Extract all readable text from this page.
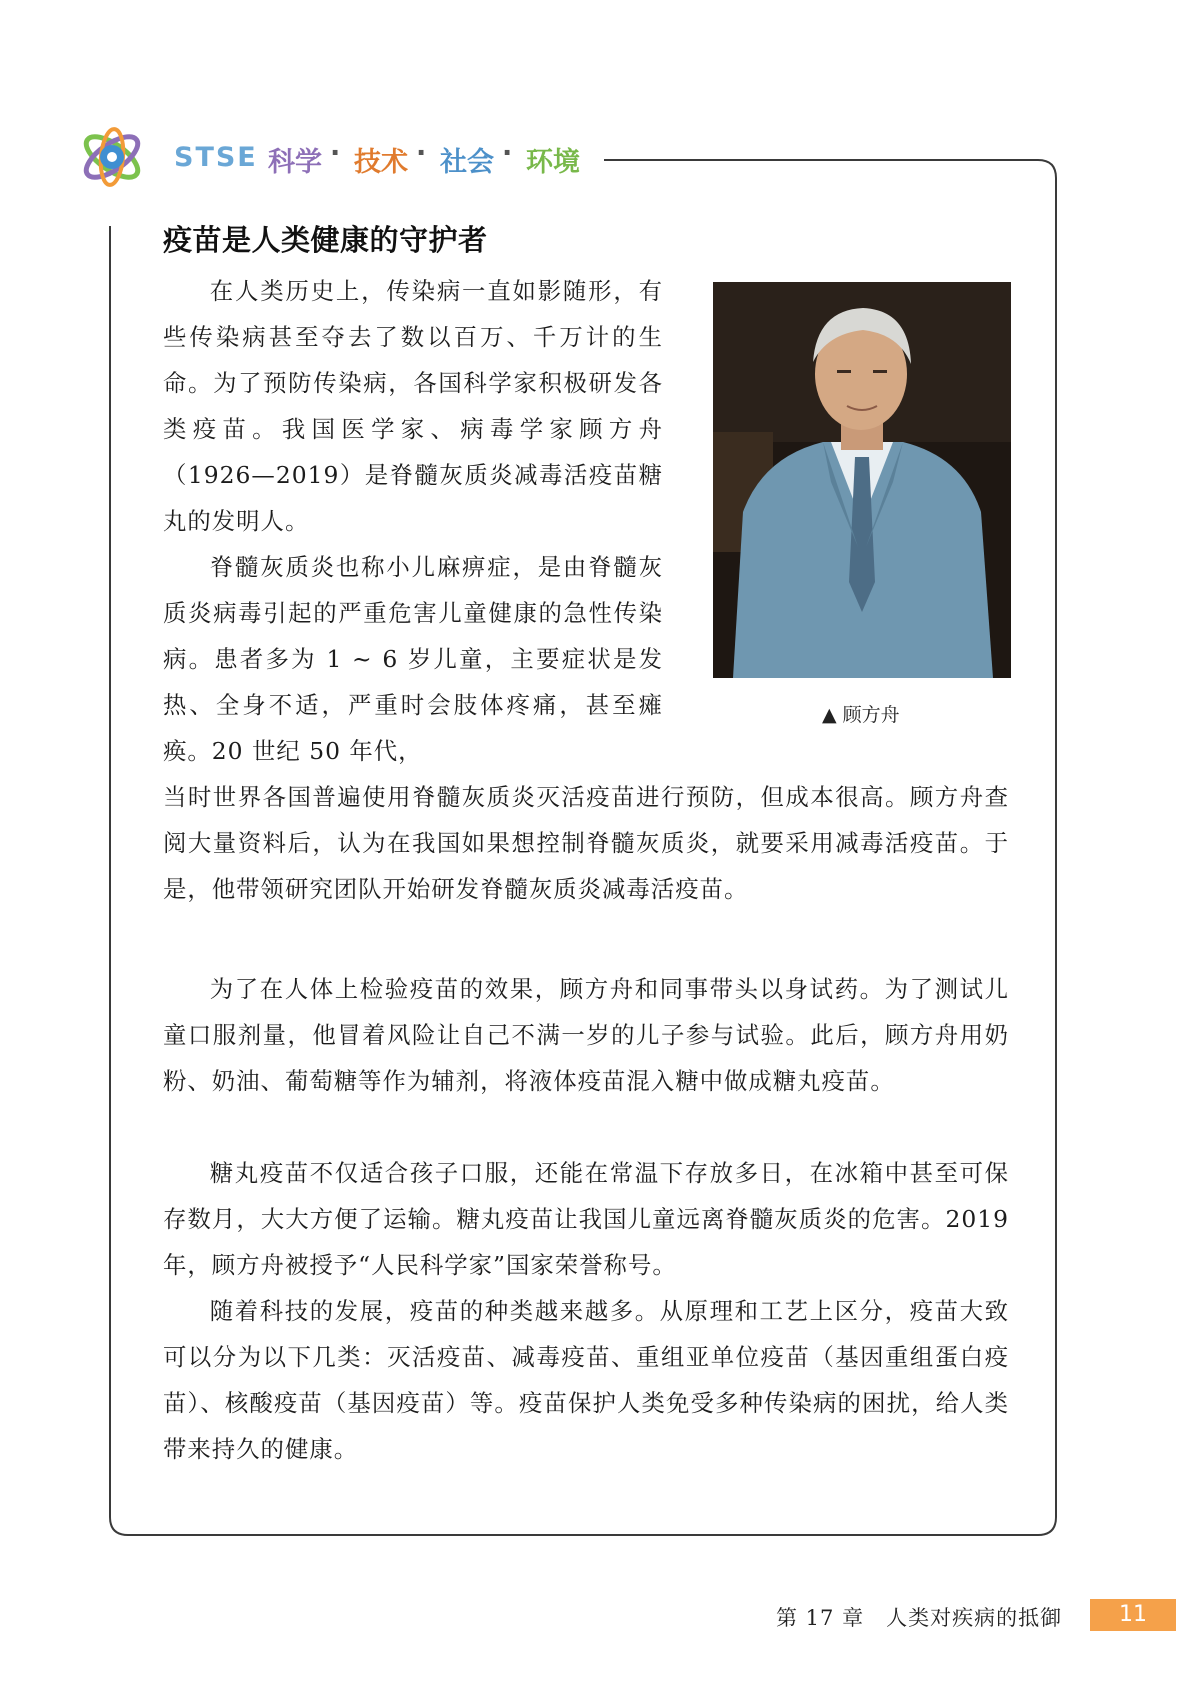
STSE 科学 · 技术 · 社会 · 环境
疫苗是人类健康的守护者

在人类历史上，传染病一直如影随形，有些传染病甚至夺去了数以百万、千万计的生命。为了预防传染病，各国科学家积极研发各类疫苗。我国医学家、病毒学家顾方舟（1926—2019）是脊髓灰质炎减毒活疫苗糖丸的发明人。

脊髓灰质炎也称小儿麻痹症，是由脊髓灰质炎病毒引起的严重危害儿童健康的急性传染病。患者多为 1 ~ 6 岁儿童，主要症状是发热、全身不适，严重时会肢体疼痛，甚至瘫痪。20 世纪 50 年代，

当时世界各国普遍使用脊髓灰质炎灭活疫苗进行预防，但成本很高。顾方舟查阅大量资料后，认为在我国如果想控制脊髓灰质炎，就要采用减毒活疫苗。于是，他带领研究团队开始研发脊髓灰质炎减毒活疫苗。

为了在人体上检验疫苗的效果，顾方舟和同事带头以身试药。为了测试儿童口服剂量，他冒着风险让自己不满一岁的儿子参与试验。此后，顾方舟用奶粉、奶油、葡萄糖等作为辅剂，将液体疫苗混入糖中做成糖丸疫苗。

糖丸疫苗不仅适合孩子口服，还能在常温下存放多日，在冰箱中甚至可保存数月，大大方便了运输。糖丸疫苗让我国儿童远离脊髓灰质炎的危害。2019 年，顾方舟被授予“人民科学家”国家荣誉称号。

随着科技的发展，疫苗的种类越来越多。从原理和工艺上区分，疫苗大致可以分为以下几类：灭活疫苗、减毒疫苗、重组亚单位疫苗（基因重组蛋白疫苗）、核酸疫苗（基因疫苗）等。疫苗保护人类免受多种传染病的困扰，给人类带来持久的健康。

▲ 顾方舟
第 17 章　人类对疾病的抵御	11
